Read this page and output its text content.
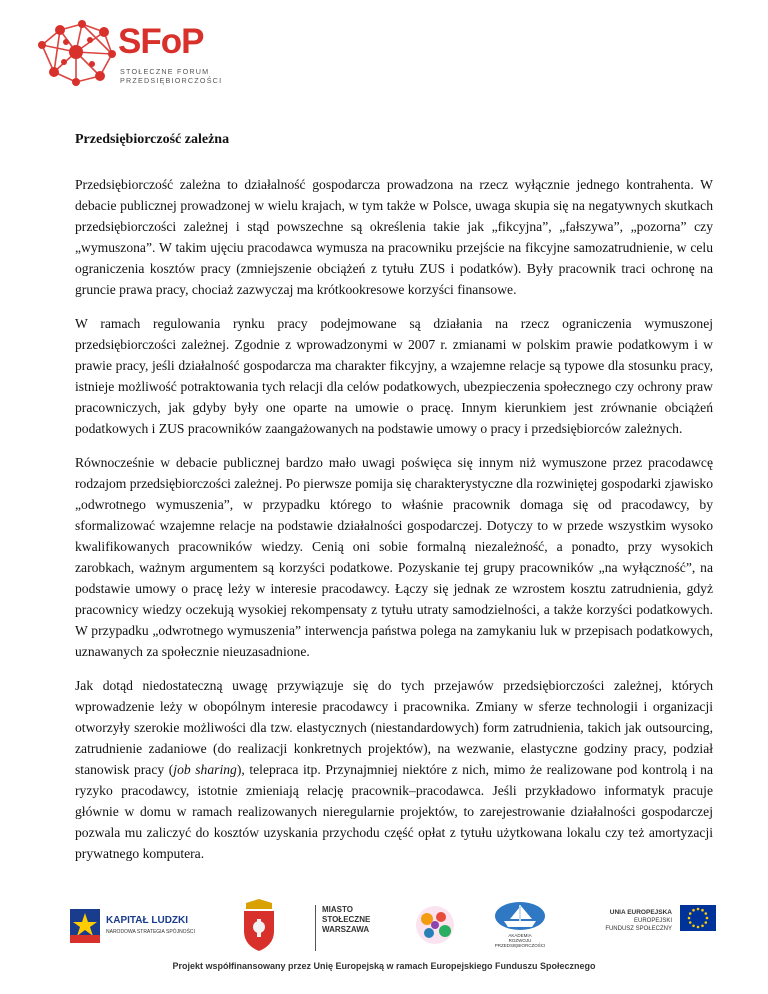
SFoP
STOŁECZNE FORUM
PRZEDSIĘBIORCZOŚCI

Przedsiębiorczość zależna

Przedsiębiorczość zależna to działalność gospodarcza prowadzona na rzecz wyłącznie jednego kontrahenta. W debacie publicznej prowadzonej w wielu krajach, w tym także w Polsce, uwaga skupia się na negatywnych skutkach przedsiębiorczości zależnej i stąd powszechne są określenia takie jak „fikcyjna”, „fałszywa”, „pozorna” czy „wymuszona”. W takim ujęciu pracodawca wymusza na pracowniku przejście na fikcyjne samozatrudnienie, w celu ograniczenia kosztów pracy (zmniejszenie obciążeń z tytułu ZUS i podatków). Były pracownik traci ochronę na gruncie prawa pracy, chociaż zazwyczaj ma krótkookresowe korzyści finansowe.

W ramach regulowania rynku pracy podejmowane są działania na rzecz ograniczenia wymuszonej przedsiębiorczości zależnej. Zgodnie z wprowadzonymi w 2007 r. zmianami w polskim prawie podatkowym i w prawie pracy, jeśli działalność gospodarcza ma charakter fikcyjny, a wzajemne relacje są typowe dla stosunku pracy, istnieje możliwość potraktowania tych relacji dla celów podatkowych, ubezpieczenia społecznego czy ochrony praw pracowniczych, jak gdyby były one oparte na umowie o pracę. Innym kierunkiem jest zrównanie obciążeń podatkowych i ZUS pracowników zaangażowanych na podstawie umowy o pracy i przedsiębiorców zależnych.

Równocześnie w debacie publicznej bardzo mało uwagi poświęca się innym niż wymuszone przez pracodawcę rodzajom przedsiębiorczości zależnej. Po pierwsze pomija się charakterystyczne dla rozwiniętej gospodarki zjawisko „odwrotnego wymuszenia”, w przypadku którego to właśnie pracownik domaga się od pracodawcy, by sformalizować wzajemne relacje na podstawie działalności gospodarczej. Dotyczy to w przede wszystkim wysoko kwalifikowanych pracowników wiedzy. Cenią oni sobie formalną niezależność, a ponadto, przy wysokich zarobkach, ważnym argumentem są korzyści podatkowe. Pozyskanie tej grupy pracowników „na wyłączność”, na podstawie umowy o pracę leży w interesie pracodawcy. Łączy się jednak ze wzrostem kosztu zatrudnienia, gdyż pracownicy wiedzy oczekują wysokiej rekompensaty z tytułu utraty samodzielności, a także korzyści podatkowych. W przypadku „odwrotnego wymuszenia” interwencja państwa polega na zamykaniu luk w przepisach podatkowych, uznawanych za społecznie nieuzasadnione.

Jak dotąd niedostateczną uwagę przywiązuje się do tych przejawów przedsiębiorczości zależnej, których wprowadzenie leży w obopólnym interesie pracodawcy i pracownika. Zmiany w sferze technologii i organizacji otworzyły szerokie możliwości dla tzw. elastycznych (niestandardowych) form zatrudnienia, takich jak outsourcing, zatrudnienie zadaniowe (do realizacji konkretnych projektów), na wezwanie, elastyczne godziny pracy, podział stanowisk pracy (job sharing), telepraca itp. Przynajmniej niektóre z nich, mimo że realizowane pod kontrolą i na ryzyko pracodawcy, istotnie zmieniają relację pracownik–pracodawca. Jeśli przykładowo informatyk pracuje głównie w domu w ramach realizowanych nieregularnie projektów, to zarejestrowanie działalności gospodarczej pozwala mu zaliczyć do kosztów uzyskania przychodu część opłat z tytułu użytkowana lokalu czy też amortyzacji prywatnego komputera.

KAPITAŁ LUDZKI
NARODOWA STRATEGIA SPÓJNOŚCI
MIASTO
STOŁECZNE
WARSZAWA
AKADEMIA
ROZWOJU
PRZEDSIĘBIORCZOŚCI
UNIA EUROPEJSKA
EUROPEJSKI
FUNDUSZ SPOŁECZNY
Projekt współfinansowany przez Unię Europejską w ramach Europejskiego Funduszu Społecznego
